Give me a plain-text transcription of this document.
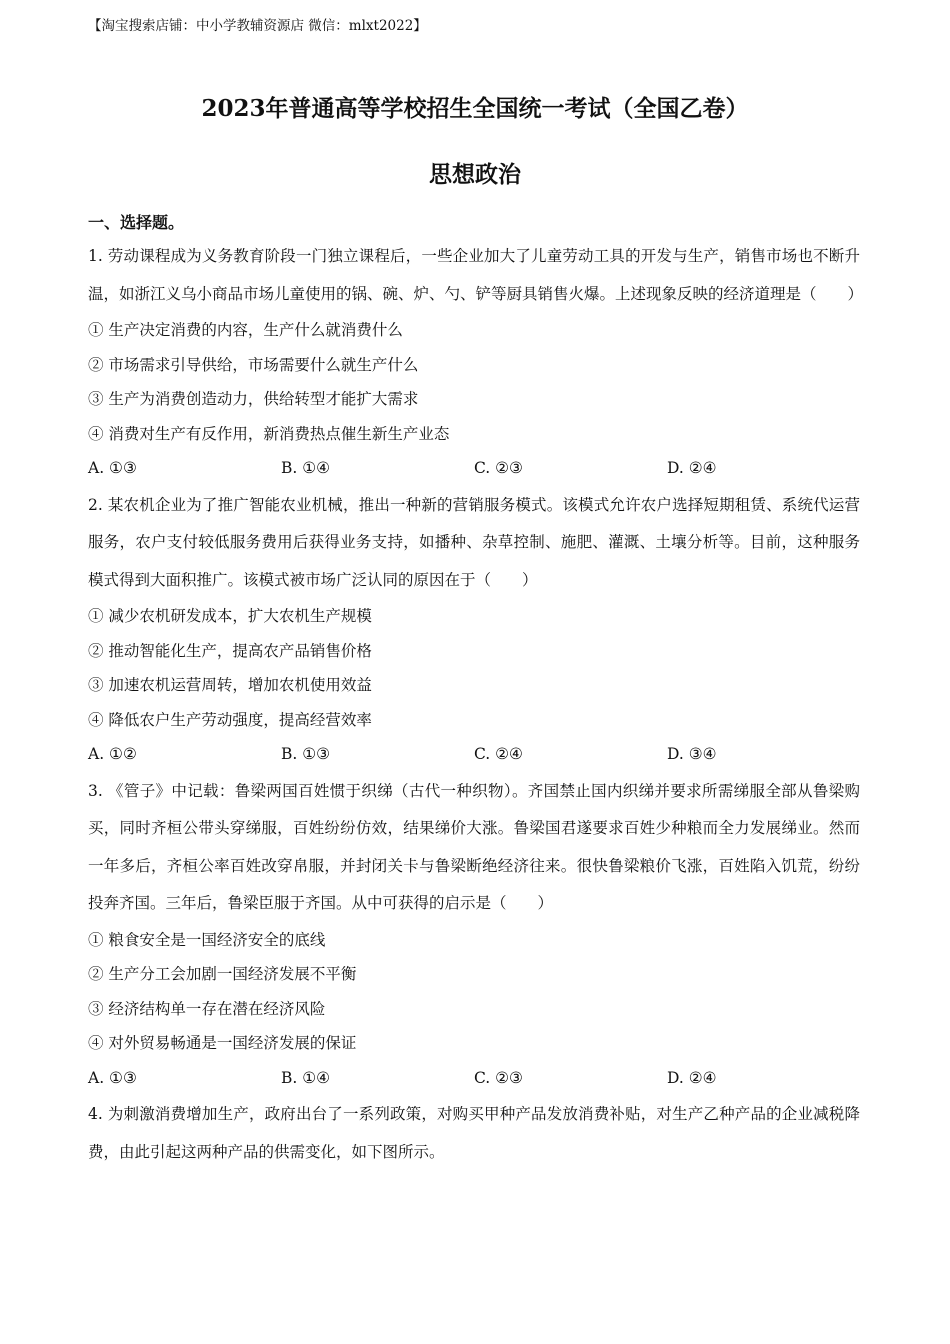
【淘宝搜索店铺：中小学教辅资源店 微信：mlxt2022】
2023年普通高等学校招生全国统一考试（全国乙卷）
思想政治
一、选择题。

1. 劳动课程成为义务教育阶段一门独立课程后，一些企业加大了儿童劳动工具的开发与生产，销售市场也不断升温，如浙江义乌小商品市场儿童使用的锅、碗、炉、勺、铲等厨具销售火爆。上述现象反映的经济道理是（　　）

① 生产决定消费的内容，生产什么就消费什么
② 市场需求引导供给，市场需要什么就生产什么
③ 生产为消费创造动力，供给转型才能扩大需求
④ 消费对生产有反作用，新消费热点催生新生产业态
A. ①③	B. ①④	C. ②③	D. ②④

2. 某农机企业为了推广智能农业机械，推出一种新的营销服务模式。该模式允许农户选择短期租赁、系统代运营服务，农户支付较低服务费用后获得业务支持，如播种、杂草控制、施肥、灌溉、土壤分析等。目前，这种服务模式得到大面积推广。该模式被市场广泛认同的原因在于（　　）

① 减少农机研发成本，扩大农机生产规模
② 推动智能化生产，提高农产品销售价格
③ 加速农机运营周转，增加农机使用效益
④ 降低农户生产劳动强度，提高经营效率
A. ①②	B. ①③	C. ②④	D. ③④

3. 《管子》中记载：鲁梁两国百姓惯于织绨（古代一种织物）。齐国禁止国内织绨并要求所需绨服全部从鲁梁购买，同时齐桓公带头穿绨服，百姓纷纷仿效，结果绨价大涨。鲁梁国君遂要求百姓少种粮而全力发展绨业。然而一年多后，齐桓公率百姓改穿帛服，并封闭关卡与鲁梁断绝经济往来。很快鲁梁粮价飞涨，百姓陷入饥荒，纷纷投奔齐国。三年后，鲁梁臣服于齐国。从中可获得的启示是（　　）

① 粮食安全是一国经济安全的底线
② 生产分工会加剧一国经济发展不平衡
③ 经济结构单一存在潜在经济风险
④ 对外贸易畅通是一国经济发展的保证
A. ①③	B. ①④	C. ②③	D. ②④

4. 为刺激消费增加生产，政府出台了一系列政策，对购买甲种产品发放消费补贴，对生产乙种产品的企业减税降费，由此引起这两种产品的供需变化，如下图所示。
